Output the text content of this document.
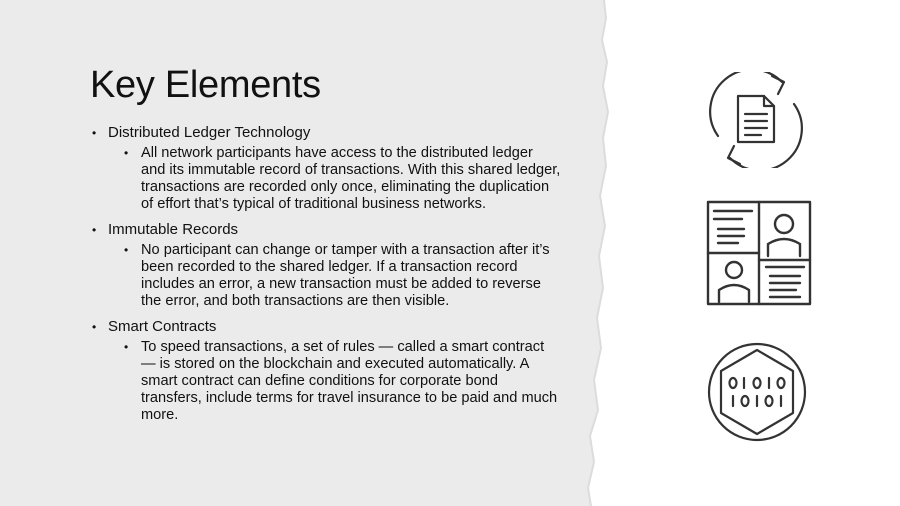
Key Elements
• Distributed Ledger Technology
• All network participants have access to the distributed ledger and its immutable record of transactions. With this shared ledger, transactions are recorded only once, eliminating the duplication of effort that’s typical of traditional business networks.
• Immutable Records
• No participant can change or tamper with a transaction after it’s been recorded to the shared ledger. If a transaction record includes an error, a new transaction must be added to reverse the error, and both transactions are then visible.
• Smart Contracts
• To speed transactions, a set of rules — called a smart contract — is stored on the blockchain and executed automatically. A smart contract can define conditions for corporate bond transfers, include terms for travel insurance to be paid and much more.
